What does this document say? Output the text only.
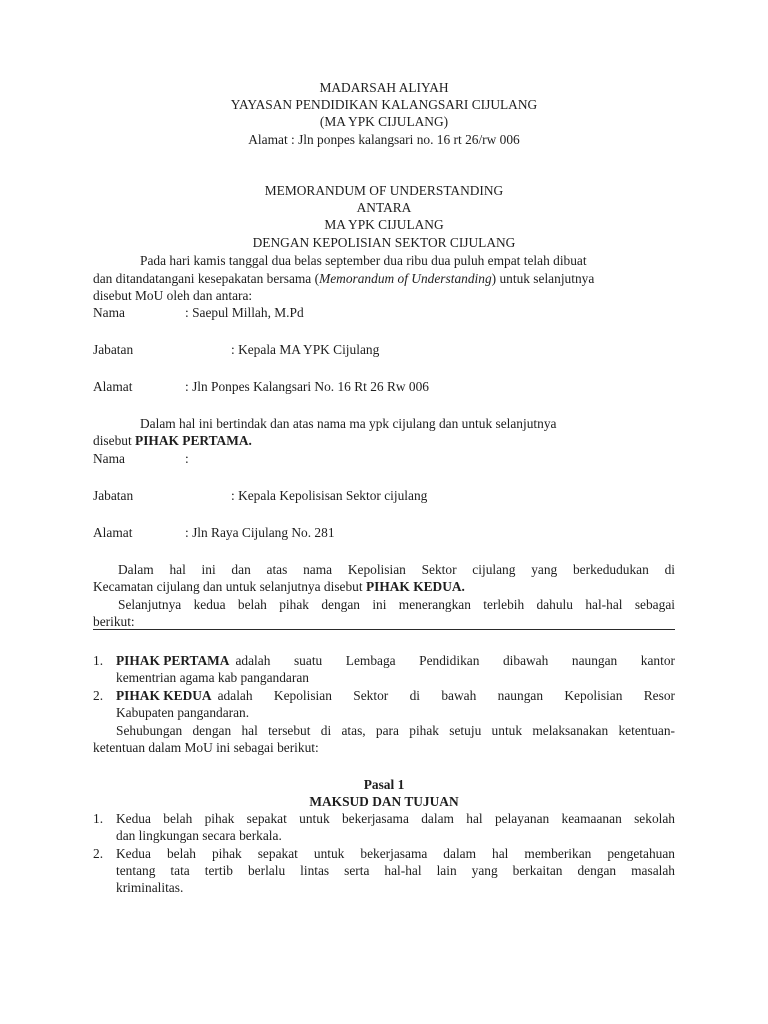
MADARSAH ALIYAH
YAYASAN PENDIDIKAN KALANGSARI CIJULANG
(MA YPK CIJULANG)
Alamat : Jln ponpes kalangsari no. 16 rt 26/rw 006
MEMORANDUM OF UNDERSTANDING
ANTARA
MA YPK CIJULANG
DENGAN KEPOLISIAN SEKTOR CIJULANG
Pada hari kamis tanggal dua belas september dua ribu dua puluh empat telah dibuat
dan ditandatangani kesepakatan bersama (Memorandum of Understanding) untuk selanjutnya
disebut MoU oleh dan antara:
Nama	: Saepul Millah, M.Pd
Jabatan	: Kepala MA YPK Cijulang
Alamat	: Jln Ponpes Kalangsari No. 16 Rt 26 Rw 006
Dalam hal ini bertindak dan atas nama ma ypk cijulang dan untuk selanjutnya
disebut PIHAK PERTAMA.
Nama	:
Jabatan	: Kepala Kepolisisan Sektor cijulang
Alamat	: Jln Raya Cijulang No. 281
Dalam hal ini dan atas nama Kepolisian Sektor cijulang yang berkedudukan di
Kecamatan cijulang dan untuk selanjutnya disebut PIHAK KEDUA.
Selanjutnya kedua belah pihak dengan ini menerangkan terlebih dahulu hal-hal sebagai
berikut:
1. PIHAK PERTAMA adalah suatu Lembaga Pendidikan dibawah naungan kantor
kementrian agama kab pangandaran
2. PIHAK KEDUA adalah Kepolisian Sektor di bawah naungan Kepolisian Resor
Kabupaten pangandaran.
Sehubungan dengan hal tersebut di atas, para pihak setuju untuk melaksanakan ketentuan-
ketentuan dalam MoU ini sebagai berikut:
Pasal 1
MAKSUD DAN TUJUAN
1. Kedua belah pihak sepakat untuk bekerjasama dalam hal pelayanan keamaanan sekolah
dan lingkungan secara berkala.
2. Kedua belah pihak sepakat untuk bekerjasama dalam hal memberikan pengetahuan
tentang tata tertib berlalu lintas serta hal-hal lain yang berkaitan dengan masalah
kriminalitas.
